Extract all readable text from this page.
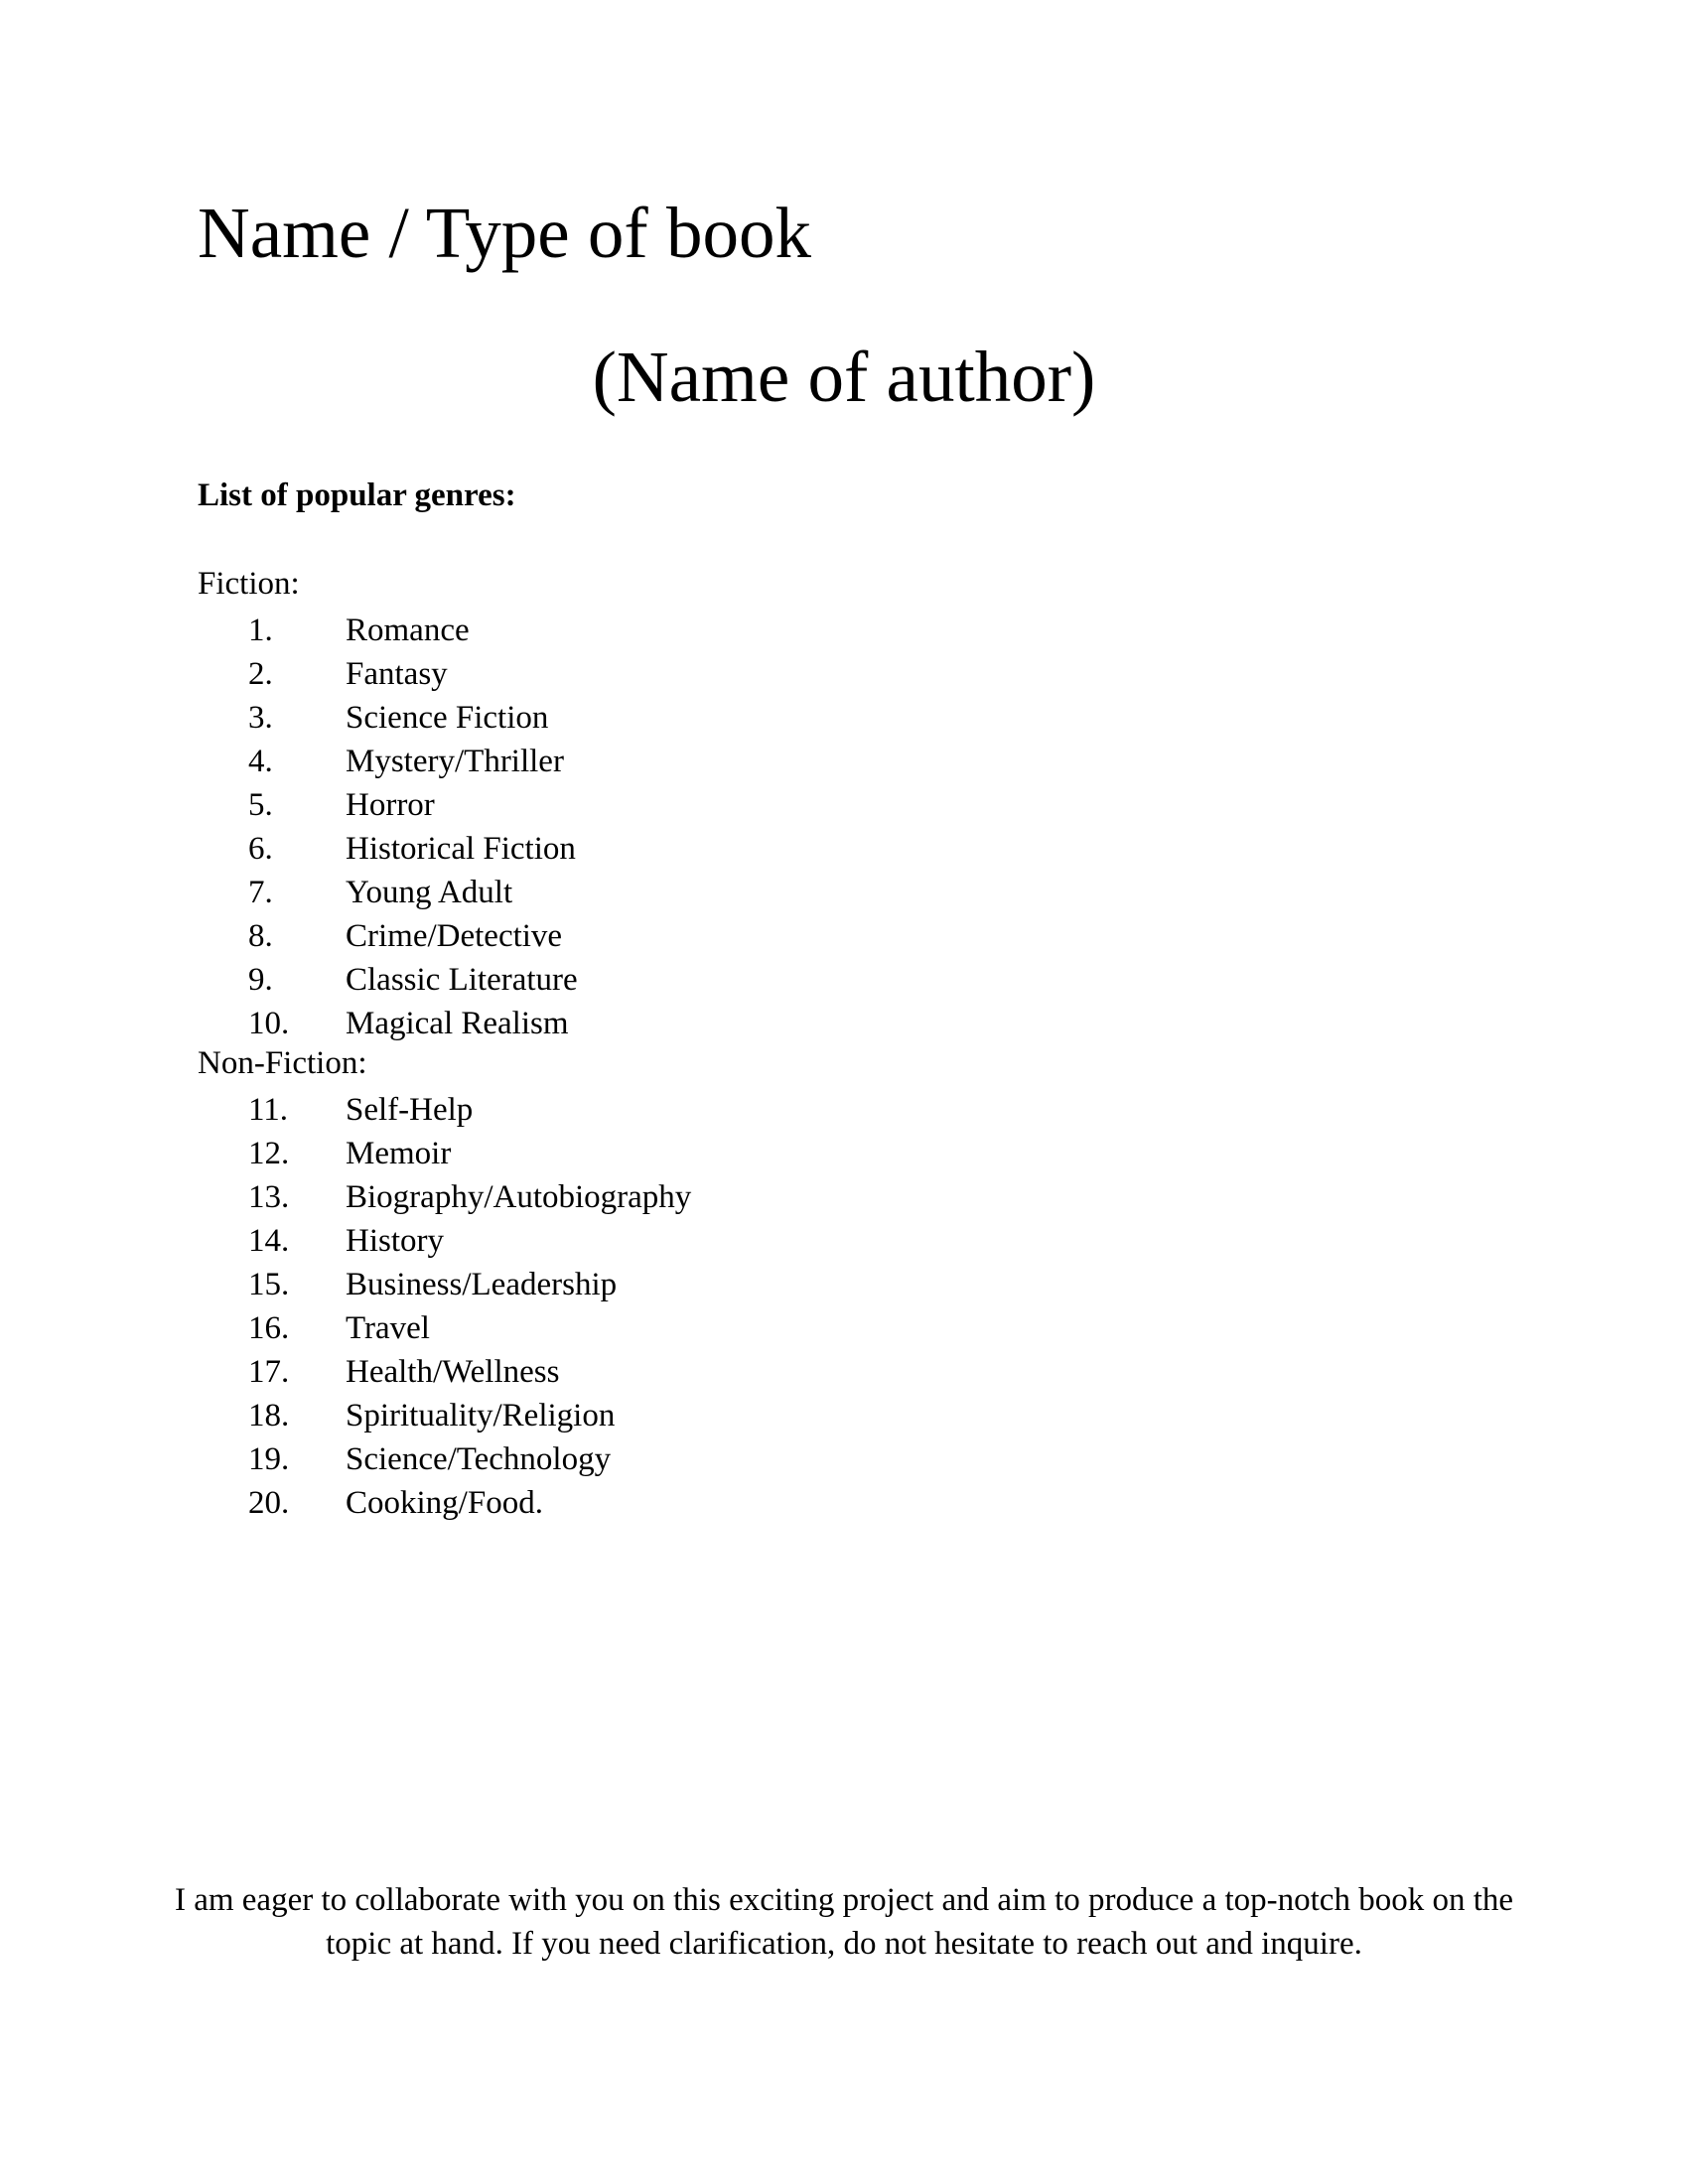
Name / Type of book
(Name of author)
List of popular genres:
Fiction:
1.	Romance
2.	Fantasy
3.	Science Fiction
4.	Mystery/Thriller
5.	Horror
6.	Historical Fiction
7.	Young Adult
8.	Crime/Detective
9.	Classic Literature
10.	Magical Realism
Non-Fiction:
11.	Self-Help
12.	Memoir
13.	Biography/Autobiography
14.	History
15.	Business/Leadership
16.	Travel
17.	Health/Wellness
18.	Spirituality/Religion
19.	Science/Technology
20.	Cooking/Food.

I am eager to collaborate with you on this exciting project and aim to produce a top-notch book on the topic at hand. If you need clarification, do not hesitate to reach out and inquire.
